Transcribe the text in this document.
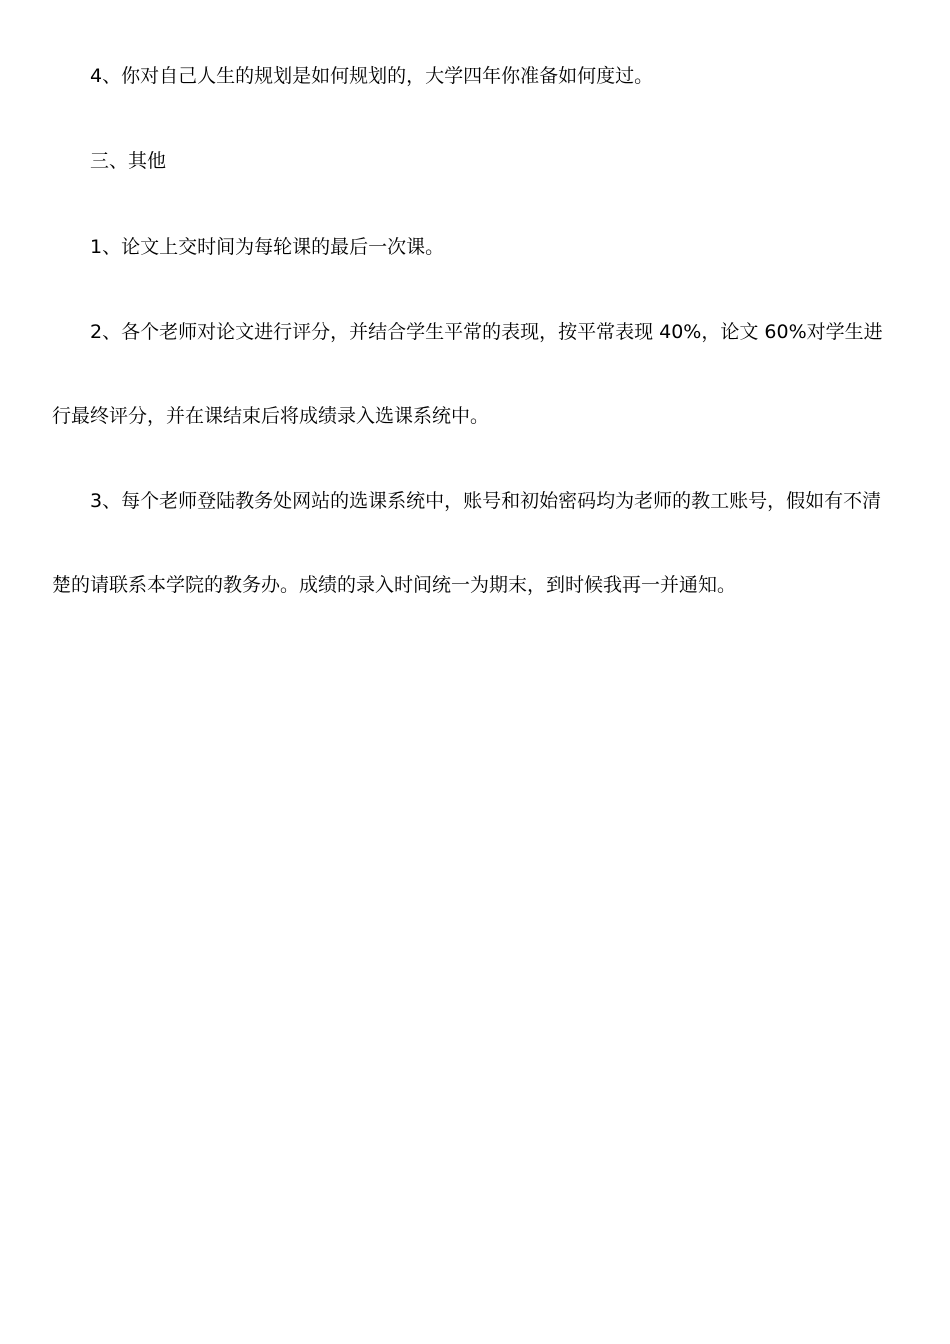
4、你对自己人生的规划是如何规划的，大学四年你准备如何度过。
三、其他
1、论文上交时间为每轮课的最后一次课。
2、各个老师对论文进行评分，并结合学生平常的表现，按平常表现 40%，论文 60%对学生进
行最终评分，并在课结束后将成绩录入选课系统中。
3、每个老师登陆教务处网站的选课系统中，账号和初始密码均为老师的教工账号，假如有不清
楚的请联系本学院的教务办。成绩的录入时间统一为期末，到时候我再一并通知。
